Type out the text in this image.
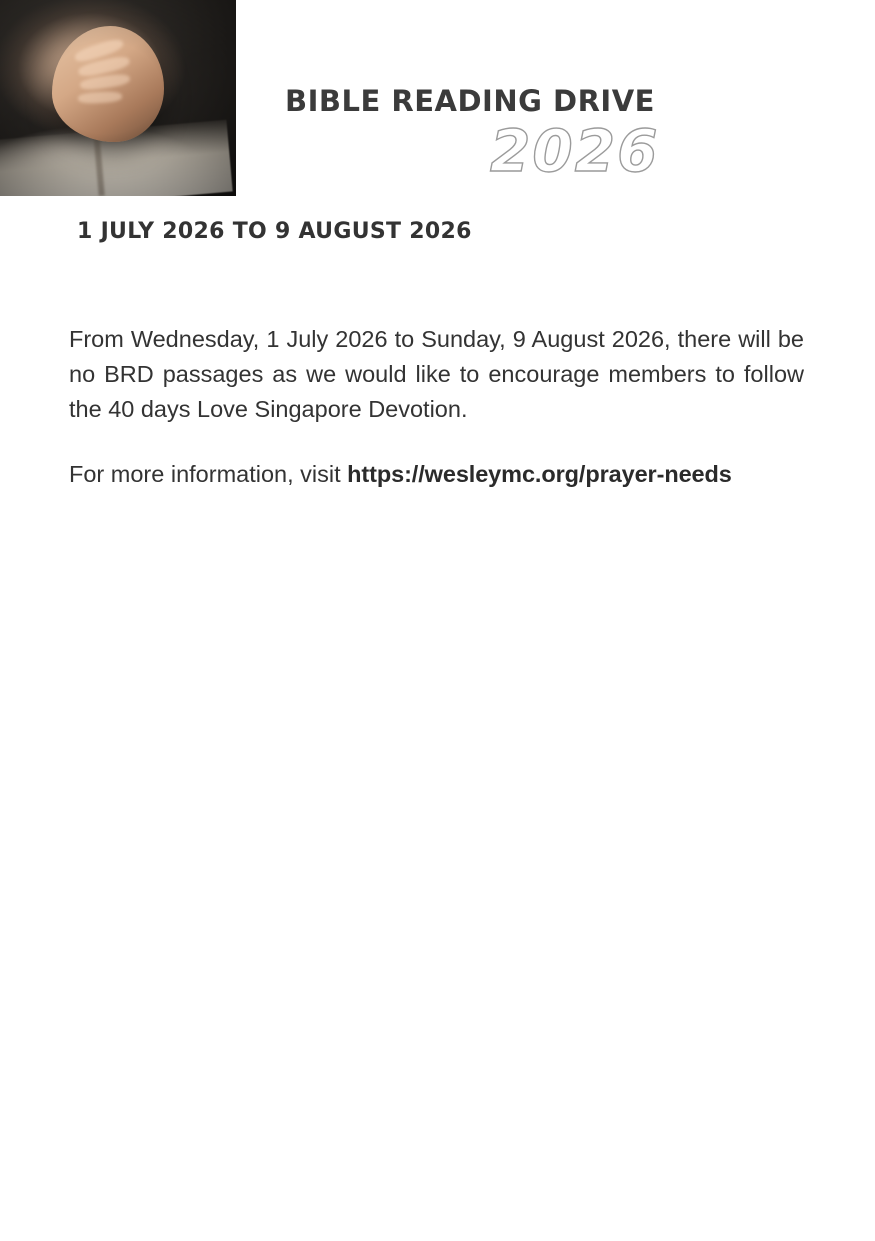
BIBLE READING DRIVE
2026
1 JULY 2026 TO 9 AUGUST 2026

From Wednesday, 1 July 2026 to Sunday, 9 August 2026, there will be no BRD passages as we would like to encourage members to follow the 40 days Love Singapore Devotion.

For more information, visit https://wesleymc.org/prayer-needs
